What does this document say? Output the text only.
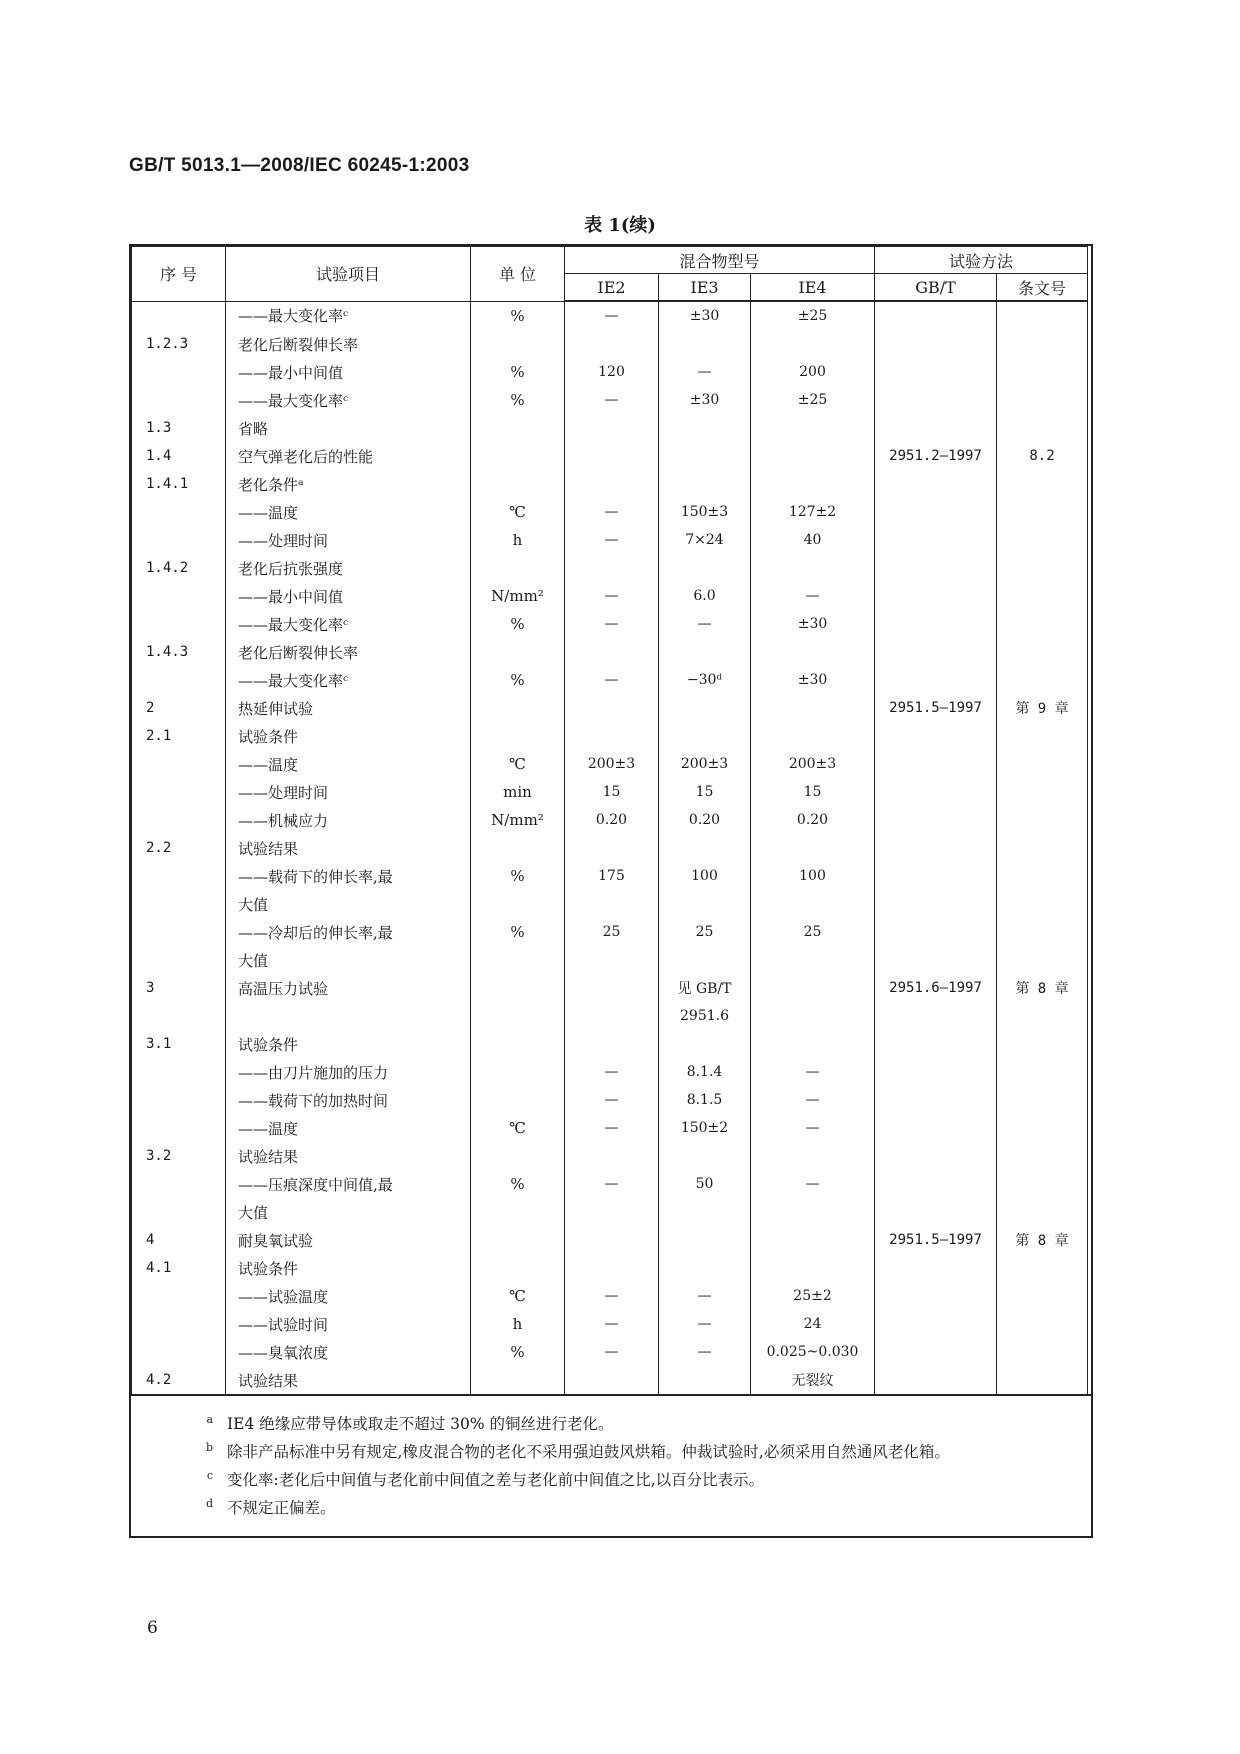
GB/T 5013.1—2008/IEC 60245-1:2003
表 1(续)
序 号	试验项目	单 位	混合物型号			试验方法	
			IE2	IE3	IE4	GB/T	条文号
	——最大变化率ᶜ	%	—	±30	±25		
1.2.3	老化后断裂伸长率						
	——最小中间值	%	120	—	200		
	——最大变化率ᶜ	%	—	±30	±25		
1.3	省略						
1.4	空气弹老化后的性能					2951.2—1997	8.2
1.4.1	老化条件ᵃ						
	——温度	℃	—	150±3	127±2		
	——处理时间	h	—	7×24	40		
1.4.2	老化后抗张强度						
	——最小中间值	N/mm²	—	6.0	—		
	——最大变化率ᶜ	%	—	—	±30		
1.4.3	老化后断裂伸长率						
	——最大变化率ᶜ	%	—	−30ᵈ	±30		
2	热延伸试验					2951.5—1997	第 9 章
2.1	试验条件						
	——温度	℃	200±3	200±3	200±3		
	——处理时间	min	15	15	15		
	——机械应力	N/mm²	0.20	0.20	0.20		
2.2	试验结果						
	——载荷下的伸长率,最	%	175	100	100		
	大值						
	——冷却后的伸长率,最	%	25	25	25		
	大值						
3	高温压力试验			见 GB/T		2951.6—1997	第 8 章
				2951.6			
3.1	试验条件						
	——由刀片施加的压力		—	8.1.4	—		
	——载荷下的加热时间		—	8.1.5	—		
	——温度	℃	—	150±2	—		
3.2	试验结果						
	——压痕深度中间值,最	%	—	50	—		
	大值						
4	耐臭氧试验					2951.5—1997	第 8 章
4.1	试验条件						
	——试验温度	℃	—	—	25±2		
	——试验时间	h	—	—	24		
	——臭氧浓度	%	—	—	0.025~0.030		
4.2	试验结果				无裂纹		
a IE4 绝缘应带导体或取走不超过 30% 的铜丝进行老化。
b 除非产品标准中另有规定,橡皮混合物的老化不采用强迫鼓风烘箱。仲裁试验时,必须采用自然通风老化箱。
c 变化率:老化后中间值与老化前中间值之差与老化前中间值之比,以百分比表示。
d 不规定正偏差。
6
